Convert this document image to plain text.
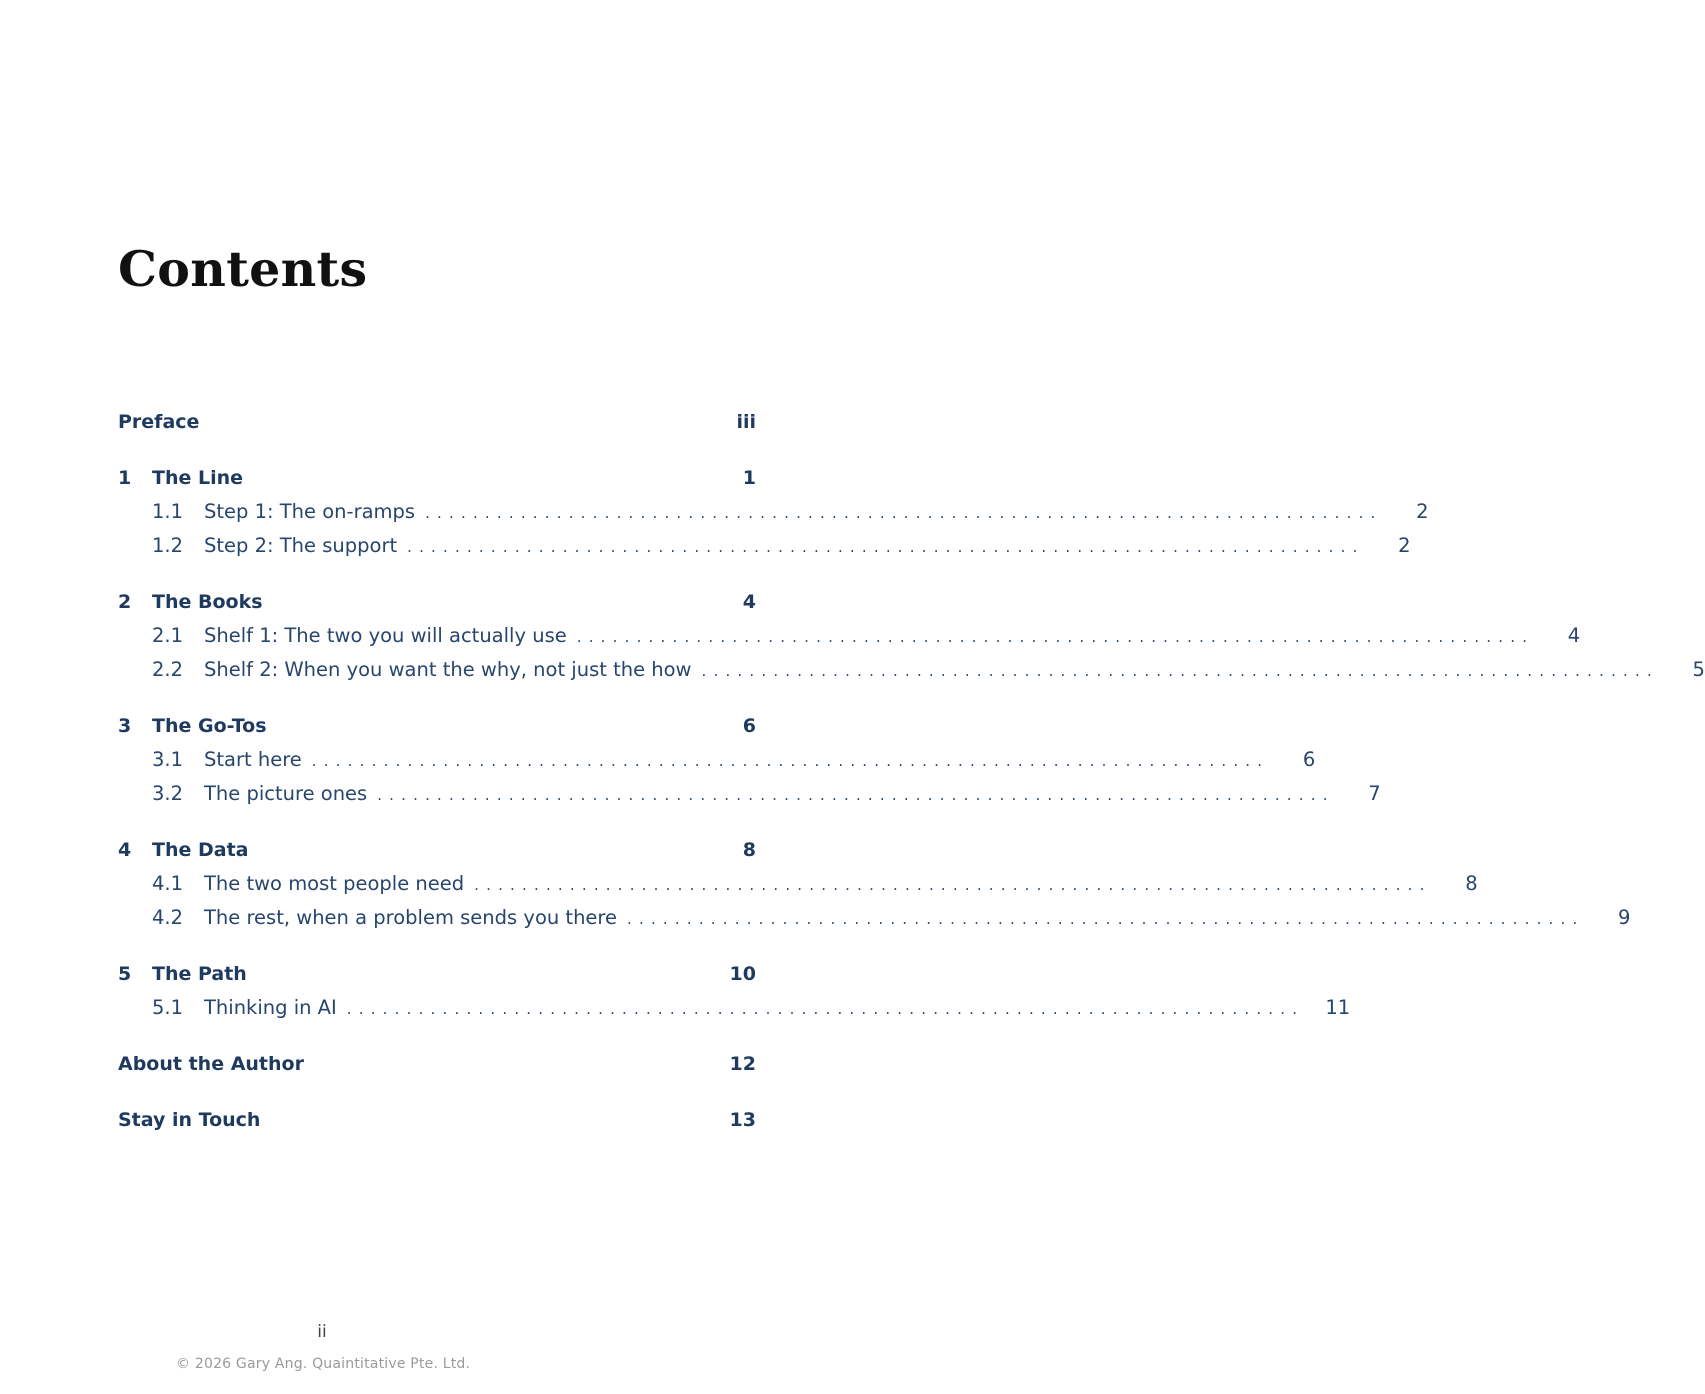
Contents
Preface	iii
1	The Line	1
1.1	Step 1: The on-ramps ................................................................................	2
1.2	Step 2: The support ................................................................................	2
2	The Books	4
2.1	Shelf 1: The two you will actually use ................................................................................	4
2.2	Shelf 2: When you want the why, not just the how ................................................................................	5
3	The Go-Tos	6
3.1	Start here ................................................................................	6
3.2	The picture ones ................................................................................	7
4	The Data	8
4.1	The two most people need ................................................................................	8
4.2	The rest, when a problem sends you there ................................................................................	9
5	The Path	10
5.1	Thinking in AI ................................................................................	11
About the Author	12
Stay in Touch	13
ii
© 2026 Gary Ang. Quaintitative Pte. Ltd.
